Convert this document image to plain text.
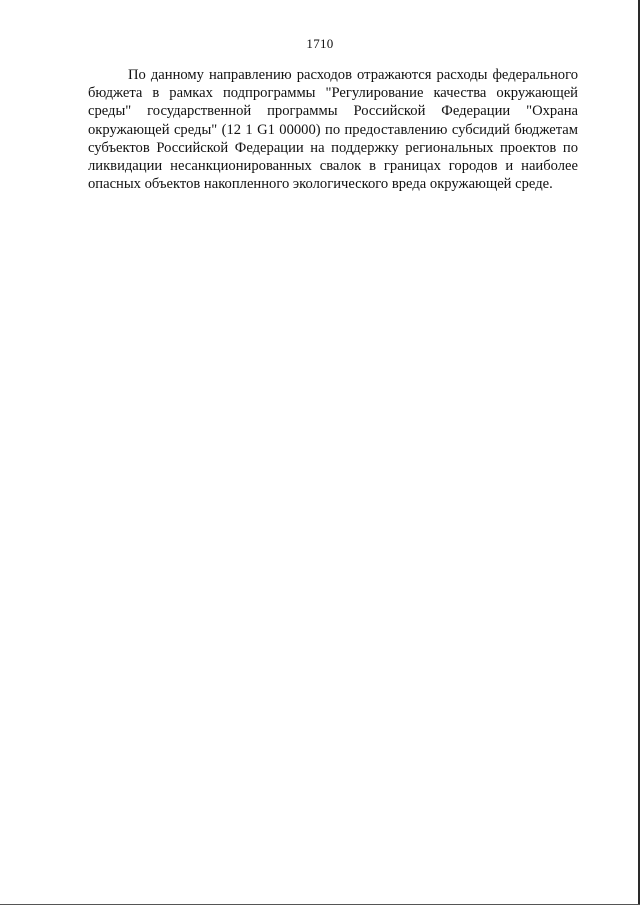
1710

По данному направлению расходов отражаются расходы федерального бюджета в рамках подпрограммы "Регулирование качества окружающей среды" государственной программы Российской Федерации "Охрана окружающей среды" (12 1 G1 00000) по предоставлению субсидий бюджетам субъектов Российской Федерации на поддержку региональных проектов по ликвидации несанкционированных свалок в границах городов и наиболее опасных объектов накопленного экологического вреда окружающей среде.
